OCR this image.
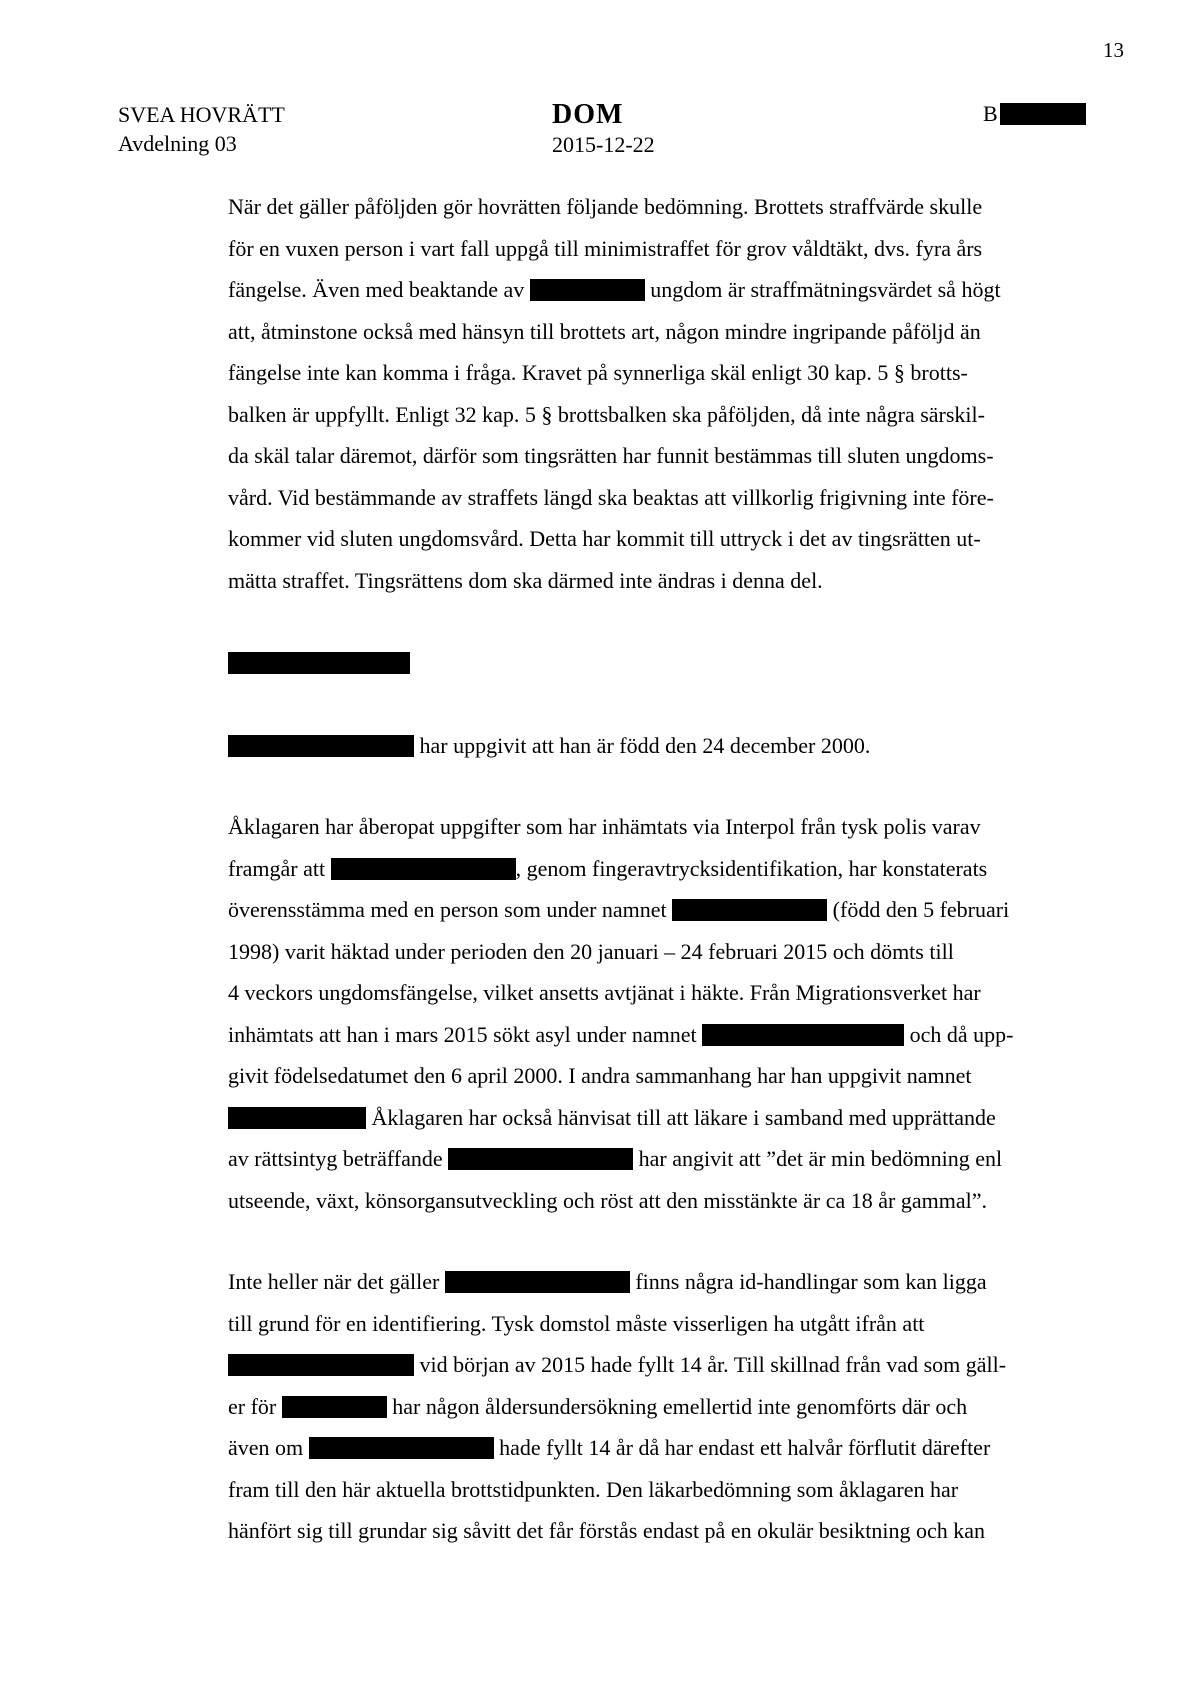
13
SVEA HOVRÄTT
Avdelning 03
DOM
2015-12-22
B
När det gäller påföljden gör hovrätten följande bedömning. Brottets straffvärde skulle
för en vuxen person i vart fall uppgå till minimistraffet för grov våldtäkt, dvs. fyra års
fängelse. Även med beaktande av	ungdom är straffmätningsvärdet så högt
att, åtminstone också med hänsyn till brottets art, någon mindre ingripande påföljd än
fängelse inte kan komma i fråga. Kravet på synnerliga skäl enligt 30 kap. 5 § brotts-
balken är uppfyllt. Enligt 32 kap. 5 § brottsbalken ska påföljden, då inte några särskil-
da skäl talar däremot, därför som tingsrätten har funnit bestämmas till sluten ungdoms-
vård. Vid bestämmande av straffets längd ska beaktas att villkorlig frigivning inte före-
kommer vid sluten ungdomsvård. Detta har kommit till uttryck i det av tingsrätten ut-
mätta straffet. Tingsrättens dom ska därmed inte ändras i denna del.
har uppgivit att han är född den 24 december 2000.
Åklagaren har åberopat uppgifter som har inhämtats via Interpol från tysk polis varav
framgår att	, genom fingeravtrycksidentifikation, har konstaterats
överensstämma med en person som under namnet	(född den 5 februari
1998) varit häktad under perioden den 20 januari – 24 februari 2015 och dömts till
4 veckors ungdomsfängelse, vilket ansetts avtjänat i häkte. Från Migrationsverket har
inhämtats att han i mars 2015 sökt asyl under namnet	och då upp-
givit födelsedatumet den 6 april 2000. I andra sammanhang har han uppgivit namnet
Åklagaren har också hänvisat till att läkare i samband med upprättande
av rättsintyg beträffande	har angivit att ”det är min bedömning enl
utseende, växt, könsorgansutveckling och röst att den misstänkte är ca 18 år gammal”.
Inte heller när det gäller	finns några id-handlingar som kan ligga
till grund för en identifiering. Tysk domstol måste visserligen ha utgått ifrån att
vid början av 2015 hade fyllt 14 år. Till skillnad från vad som gäll-
er för	har någon åldersundersökning emellertid inte genomförts där och
även om	hade fyllt 14 år då har endast ett halvår förflutit därefter
fram till den här aktuella brottstidpunkten. Den läkarbedömning som åklagaren har
hänfört sig till grundar sig såvitt det får förstås endast på en okulär besiktning och kan
